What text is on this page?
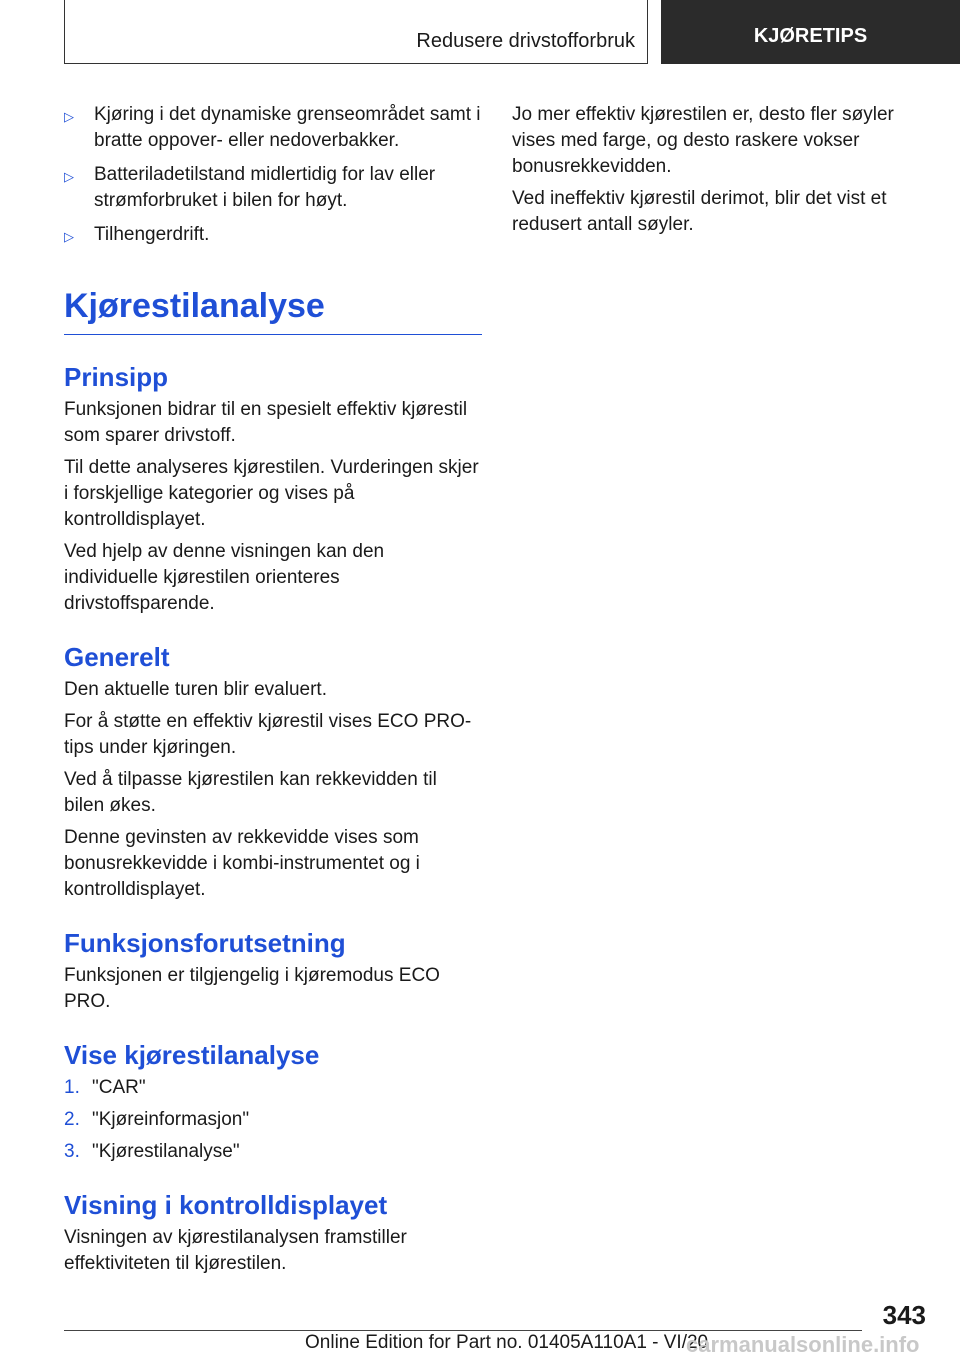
Redusere drivstofforbruk	KJØRETIPS
▷	Kjøring i det dynamiske grenseområdet samt i bratte oppover- eller nedoverbakker.
▷	Batteriladetilstand midlertidig for lav eller strømforbruket i bilen for høyt.
▷	Tilhengerdrift.
Kjørestilanalyse
Prinsipp

Funksjonen bidrar til en spesielt effektiv kjørestil som sparer drivstoff.

Til dette analyseres kjørestilen. Vurderingen skjer i forskjellige kategorier og vises på kontrolldisplayet.

Ved hjelp av denne visningen kan den individuelle kjørestilen orienteres drivstoffsparende.

Generelt

Den aktuelle turen blir evaluert.

For å støtte en effektiv kjørestil vises ECO PRO-tips under kjøringen.

Ved å tilpasse kjørestilen kan rekkevidden til bilen økes.

Denne gevinsten av rekkevidde vises som bonusrekkevidde i kombi-instrumentet og i kontrolldisplayet.

Funksjonsforutsetning

Funksjonen er tilgjengelig i kjøremodus ECO PRO.

Vise kjørestilanalyse
1. "CAR"
2. "Kjøreinformasjon"
3. "Kjørestilanalyse"
Visning i kontrolldisplayet

Visningen av kjørestilanalysen framstiller effektiviteten til kjørestilen.

Jo mer effektiv kjørestilen er, desto fler søyler vises med farge, og desto raskere vokser bonusrekkevidden.

Ved ineffektiv kjørestil derimot, blir det vist et redusert antall søyler.

343
Online Edition for Part no. 01405A110A1 - VI/20
carmanualsonline.info
